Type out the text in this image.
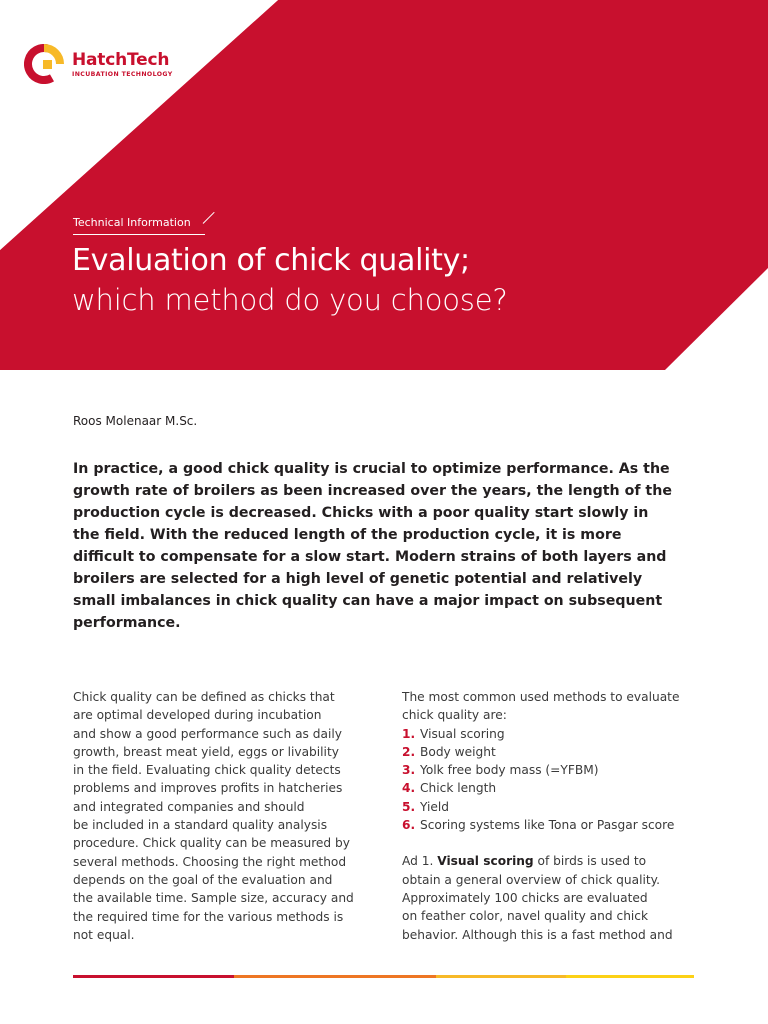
HatchTech
INCUBATION TECHNOLOGY
Technical Information
Evaluation of chick quality;
which method do you choose?
Roos Molenaar M.Sc.
In practice, a good chick quality is crucial to optimize performance. As the growth rate of broilers as been increased over the years, the length of the production cycle is decreased. Chicks with a poor quality start slowly in the field. With the reduced length of the production cycle, it is more difficult to compensate for a slow start. Modern strains of both layers and broilers are selected for a high level of genetic potential and relatively small imbalances in chick quality can have a major impact on subsequent performance.

Chick quality can be defined as chicks that

are optimal developed during incubation

and show a good performance such as daily

growth, breast meat yield, eggs or livability

in the field. Evaluating chick quality detects

problems and improves profits in hatcheries

and integrated companies and should

be included in a standard quality analysis

procedure. Chick quality can be measured by

several methods. Choosing the right method

depends on the goal of the evaluation and

the available time. Sample size, accuracy and

the required time for the various methods is

not equal.

The most common used methods to evaluate

chick quality are:

1. Visual scoring
2. Body weight
3. Yolk free body mass (=YFBM)
4. Chick length
5. Yield
6. Scoring systems like Tona or Pasgar score

Ad 1. Visual scoring of birds is used to

obtain a general overview of chick quality.

Approximately 100 chicks are evaluated

on feather color, navel quality and chick

behavior. Although this is a fast method and
